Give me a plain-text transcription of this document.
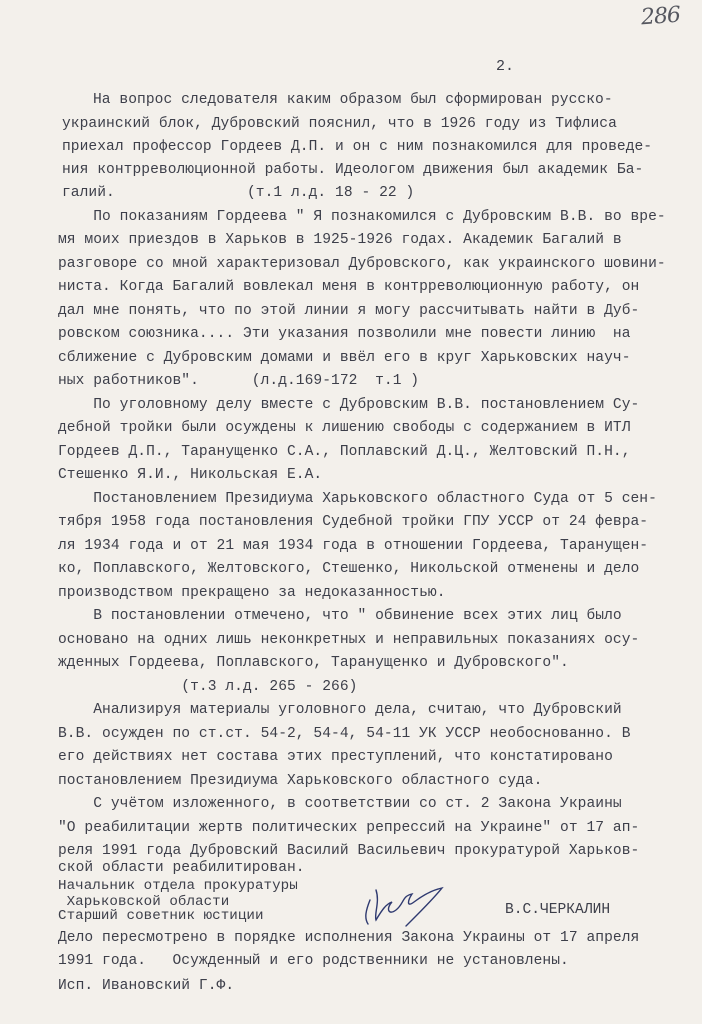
286
2.
На вопрос следователя каким образом был сформирован русско-
украинский блок, Дубровский пояснил, что в 1926 году из Тифлиса
приехал профессор Гордеев Д.П. и он с ним познакомился для проведе-
ния контрреволюционной работы. Идеологом движения был академик Бa-
галий.               (т.1 л.д. 18 - 22 )
По показаниям Гордеева " Я познакомился с Дубровским В.В. во вре-
мя моих приездов в Харьков в 1925-1926 годах. Академик Багалий в
разговоре со мной характеризовал Дубровского, как украинского шовини-
ниста. Когда Багалий вовлекал меня в контрреволюционную работу, он
дал мне понять, что по этой линии я могу рассчитывать найти в Дуб-
ровском союзника.... Эти указания позволили мне повести линию  на
сближение с Дубровским домами и ввёл его в круг Харьковских науч-
ных работников".      (л.д.169-172  т.1 )
По уголовному делу вместе с Дубровским В.В. постановлением Су-
дебной тройки были осуждены к лишению свободы с содержанием в ИТЛ
Гордеев Д.П., Таранущенко С.А., Поплавский Д.Ц., Желтовский П.Н.,
Стешенко Я.И., Никольская Е.А.
Постановлением Президиума Харьковского областного Суда от 5 сен-
тября 1958 года постановления Судебной тройки ГПУ УССР от 24 февра-
ля 1934 года и от 21 мая 1934 года в отношении Гордеева, Таранущен-
ко, Поплавского, Желтовского, Стешенко, Никольской отменены и дело
производством прекращено за недоказанностью.
В постановлении отмечено, что " обвинение всех этих лиц было
основано на одних лишь неконкретных и неправильных показаниях осу-
жденных Гордеева, Поплавского, Таранущенко и Дубровского".
(т.3 л.д. 265 - 266)
Анализируя материалы уголовного дела, считаю, что Дубровский
В.В. осужден по ст.ст. 54-2, 54-4, 54-11 УК УССР необоснованно. В
его действиях нет состава этих преступлений, что констатировано
постановлением Президиума Харьковского областного суда.
С учётом изложенного, в соответствии со ст. 2 Закона Украины
"О реабилитации жертв политических репрессий на Украине" от 17 ап-
реля 1991 года Дубровский Василий Васильевич прокуратурой Харьков-
ской области реабилитирован.
Начальник отдела прокуратуры
Харьковской области
Старший советник юстиции	В.С.ЧЕРКАЛИН
Дело пересмотрено в порядке исполнения Закона Украины от 17 апреля
1991 года.   Осужденный и его родственники не установлены.
Исп. Ивановский Г.Ф.
